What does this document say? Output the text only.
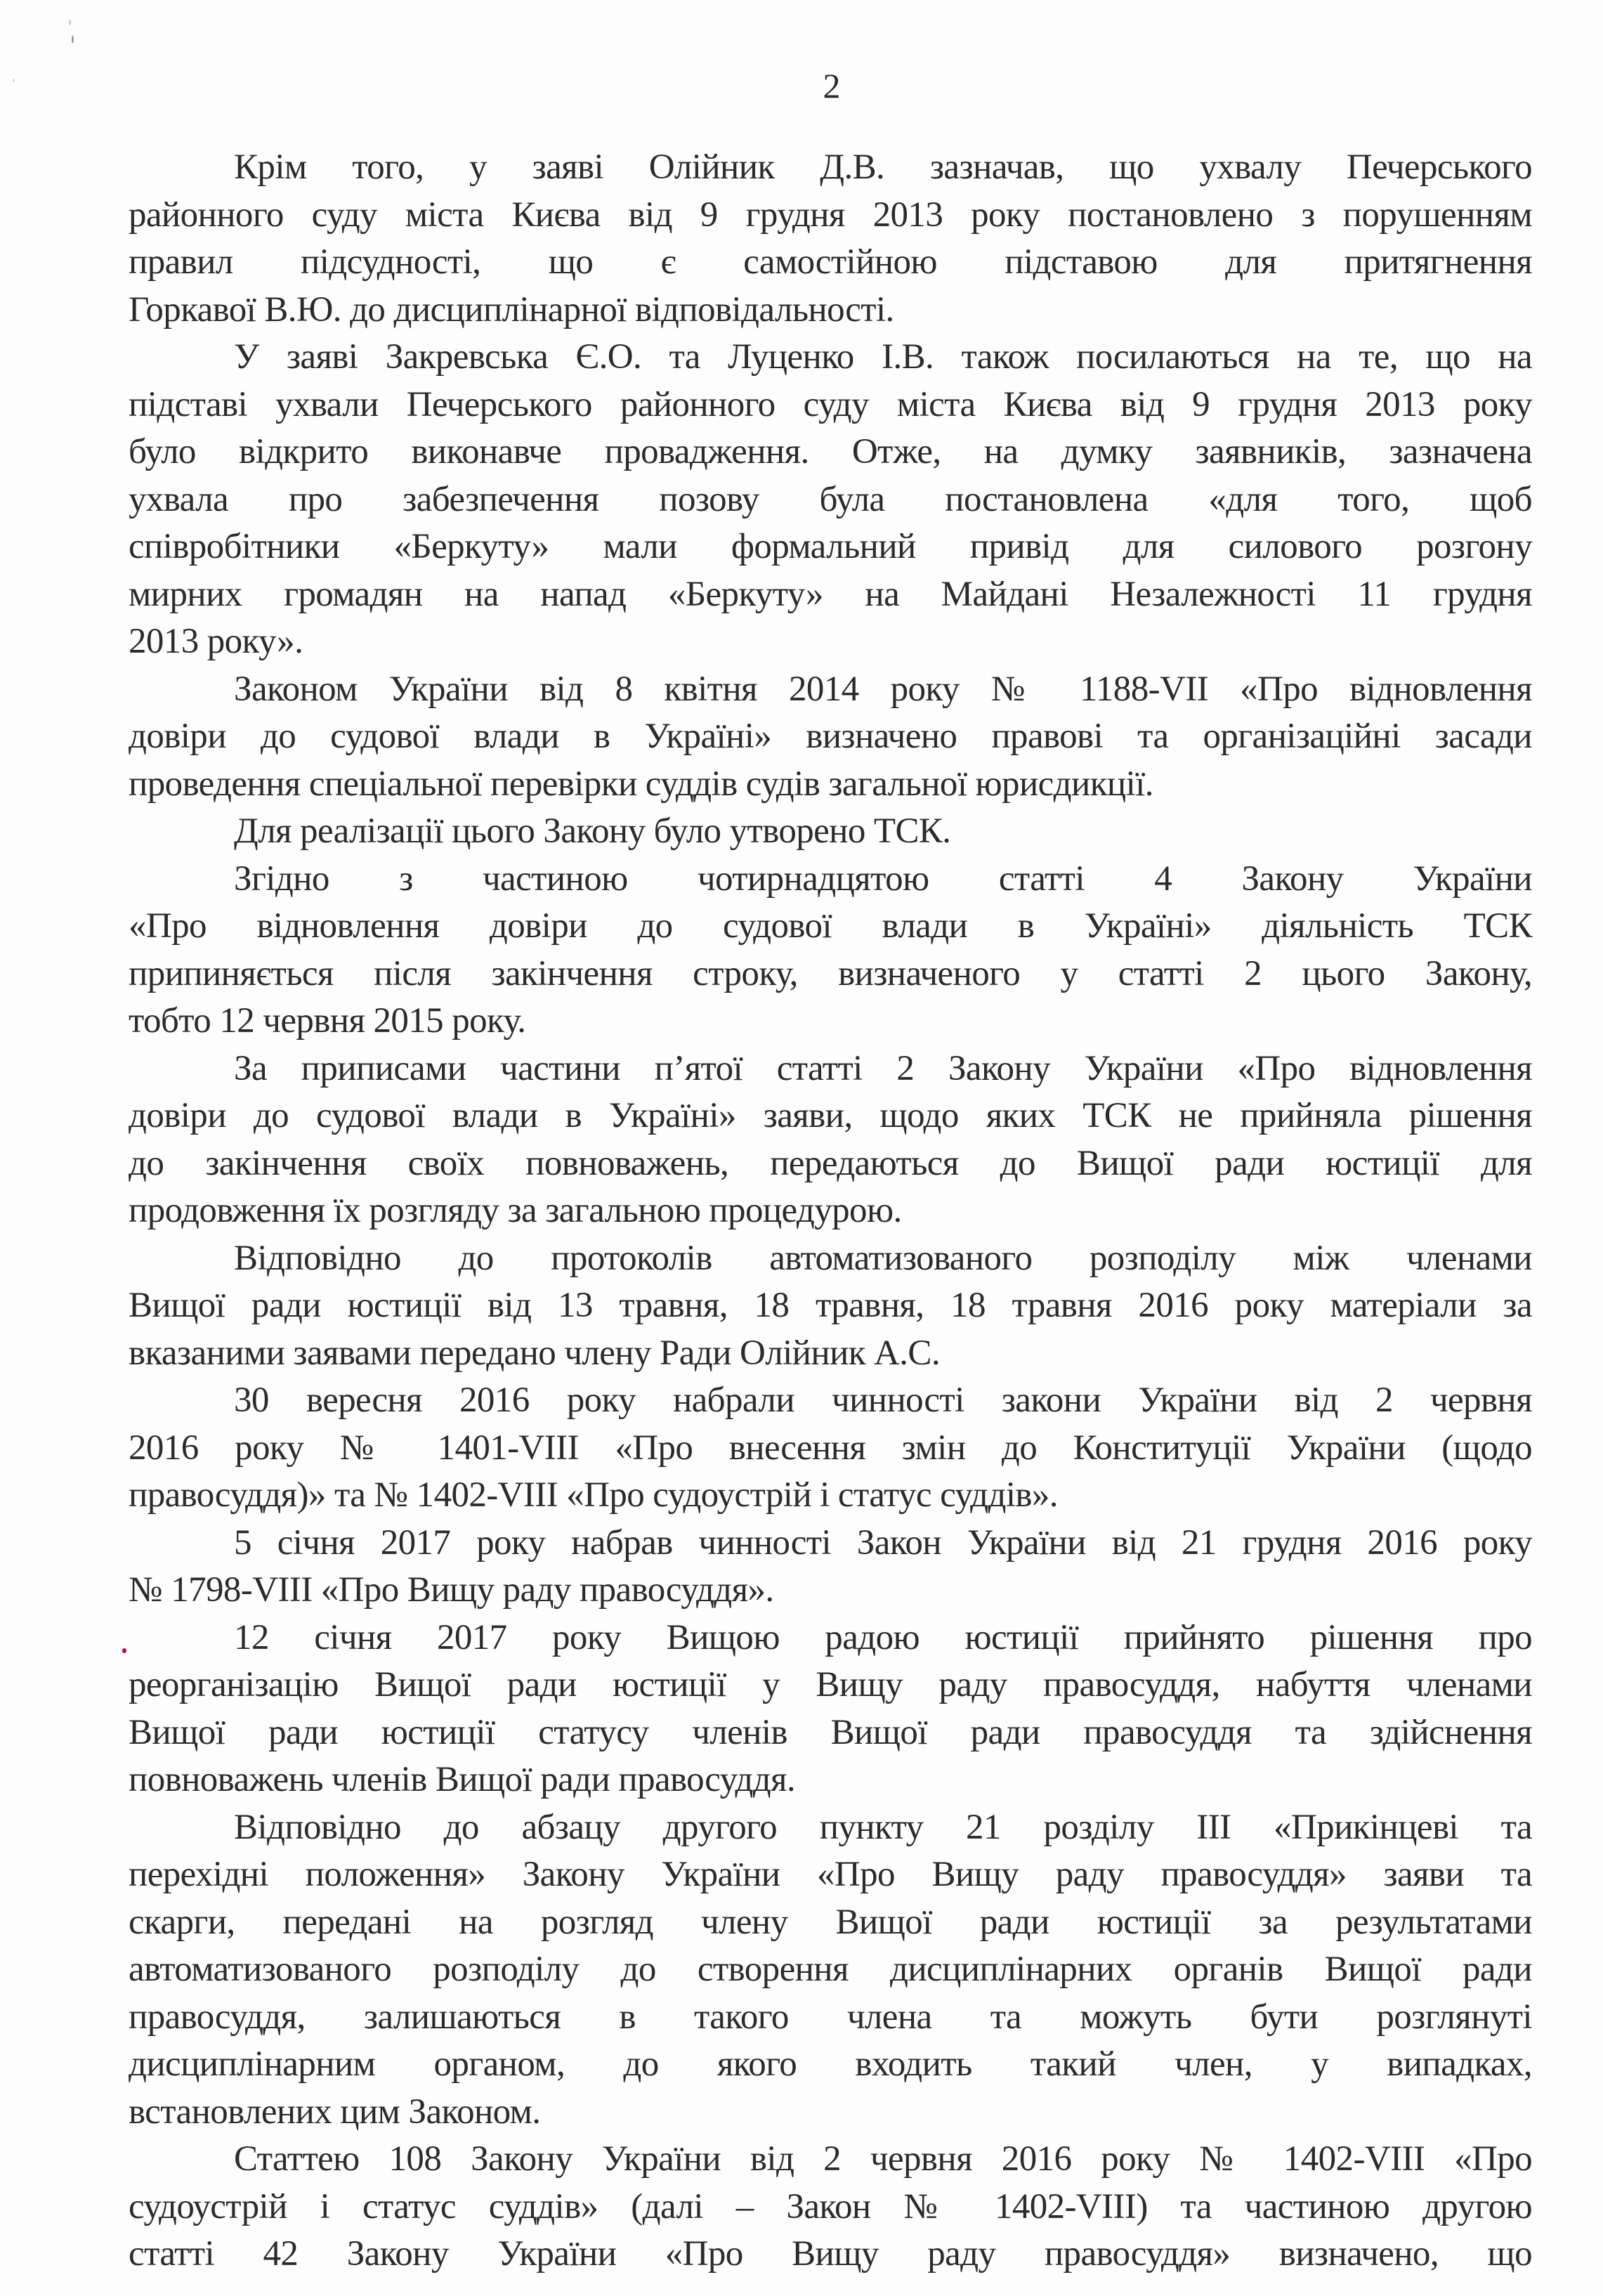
2
Крім того, у заяві Олійник Д.В. зазначав, що ухвалу Печерського
районного суду міста Києва від 9 грудня 2013 року постановлено з порушенням
правил підсудності, що є самостійною підставою для притягнення
Горкавої В.Ю. до дисциплінарної відповідальності.
У заяві Закревська Є.О. та Луценко І.В. також посилаються на те, що на
підставі ухвали Печерського районного суду міста Києва від 9 грудня 2013 року
було відкрито виконавче провадження. Отже, на думку заявників, зазначена
ухвала про забезпечення позову була постановлена «для того, щоб
співробітники «Беркуту» мали формальний привід для силового розгону
мирних громадян на напад «Беркуту» на Майдані Незалежності 11 грудня
2013 року».
Законом України від 8 квітня 2014 року № 1188-VII «Про відновлення
довіри до судової влади в Україні» визначено правові та організаційні засади
проведення спеціальної перевірки суддів судів загальної юрисдикції.
Для реалізації цього Закону було утворено ТСК.
Згідно з частиною чотирнадцятою статті 4 Закону України
«Про відновлення довіри до судової влади в Україні» діяльність ТСК
припиняється після закінчення строку, визначеного у статті 2 цього Закону,
тобто 12 червня 2015 року.
За приписами частини п’ятої статті 2 Закону України «Про відновлення
довіри до судової влади в Україні» заяви, щодо яких ТСК не прийняла рішення
до закінчення своїх повноважень, передаються до Вищої ради юстиції для
продовження їх розгляду за загальною процедурою.
Відповідно до протоколів автоматизованого розподілу між членами
Вищої ради юстиції від 13 травня, 18 травня, 18 травня 2016 року матеріали за
вказаними заявами передано члену Ради Олійник А.С.
30 вересня 2016 року набрали чинності закони України від 2 червня
2016 року № 1401-VIII «Про внесення змін до Конституції України (щодо
правосуддя)» та № 1402-VIII «Про судоустрій і статус суддів».
5 січня 2017 року набрав чинності Закон України від 21 грудня 2016 року
№ 1798-VIII «Про Вищу раду правосуддя».
12 січня 2017 року Вищою радою юстиції прийнято рішення про
реорганізацію Вищої ради юстиції у Вищу раду правосуддя, набуття членами
Вищої ради юстиції статусу членів Вищої ради правосуддя та здійснення
повноважень членів Вищої ради правосуддя.
Відповідно до абзацу другого пункту 21 розділу III «Прикінцеві та
перехідні положення» Закону України «Про Вищу раду правосуддя» заяви та
скарги, передані на розгляд члену Вищої ради юстиції за результатами
автоматизованого розподілу до створення дисциплінарних органів Вищої ради
правосуддя, залишаються в такого члена та можуть бути розглянуті
дисциплінарним органом, до якого входить такий член, у випадках,
встановлених цим Законом.
Статтею 108 Закону України від 2 червня 2016 року № 1402-VIII «Про
судоустрій і статус суддів» (далі – Закон № 1402-VIII) та частиною другою
статті 42 Закону України «Про Вищу раду правосуддя» визначено, що
